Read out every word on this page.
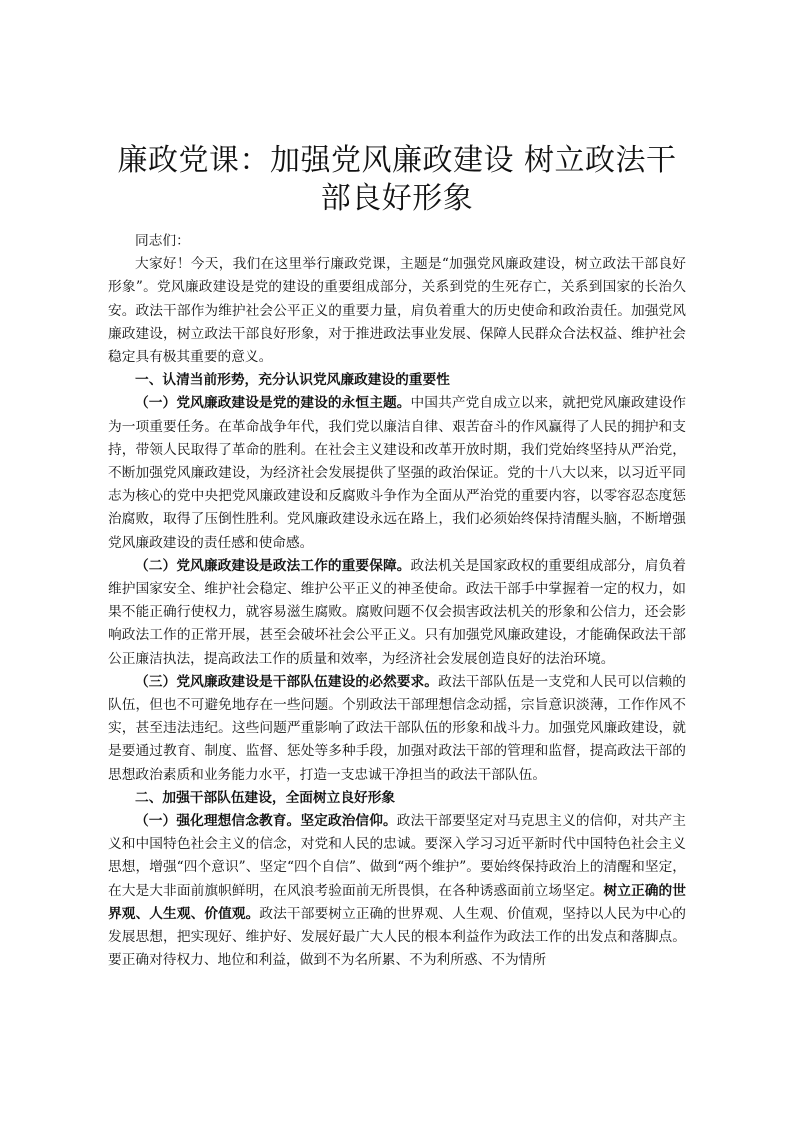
廉政党课：加强党风廉政建设 树立政法干部良好形象

同志们：

大家好！今天，我们在这里举行廉政党课，主题是“加强党风廉政建设，树立政法干部良好形象”。党风廉政建设是党的建设的重要组成部分，关系到党的生死存亡，关系到国家的长治久安。政法干部作为维护社会公平正义的重要力量，肩负着重大的历史使命和政治责任。加强党风廉政建设，树立政法干部良好形象，对于推进政法事业发展、保障人民群众合法权益、维护社会稳定具有极其重要的意义。

一、认清当前形势，充分认识党风廉政建设的重要性

（一）党风廉政建设是党的建设的永恒主题。中国共产党自成立以来，就把党风廉政建设作为一项重要任务。在革命战争年代，我们党以廉洁自律、艰苦奋斗的作风赢得了人民的拥护和支持，带领人民取得了革命的胜利。在社会主义建设和改革开放时期，我们党始终坚持从严治党，不断加强党风廉政建设，为经济社会发展提供了坚强的政治保证。党的十八大以来，以习近平同志为核心的党中央把党风廉政建设和反腐败斗争作为全面从严治党的重要内容，以零容忍态度惩治腐败，取得了压倒性胜利。党风廉政建设永远在路上，我们必须始终保持清醒头脑，不断增强党风廉政建设的责任感和使命感。

（二）党风廉政建设是政法工作的重要保障。政法机关是国家政权的重要组成部分，肩负着维护国家安全、维护社会稳定、维护公平正义的神圣使命。政法干部手中掌握着一定的权力，如果不能正确行使权力，就容易滋生腐败。腐败问题不仅会损害政法机关的形象和公信力，还会影响政法工作的正常开展，甚至会破坏社会公平正义。只有加强党风廉政建设，才能确保政法干部公正廉洁执法，提高政法工作的质量和效率，为经济社会发展创造良好的法治环境。

（三）党风廉政建设是干部队伍建设的必然要求。政法干部队伍是一支党和人民可以信赖的队伍，但也不可避免地存在一些问题。个别政法干部理想信念动摇，宗旨意识淡薄，工作作风不实，甚至违法违纪。这些问题严重影响了政法干部队伍的形象和战斗力。加强党风廉政建设，就是要通过教育、制度、监督、惩处等多种手段，加强对政法干部的管理和监督，提高政法干部的思想政治素质和业务能力水平，打造一支忠诚干净担当的政法干部队伍。

二、加强干部队伍建设，全面树立良好形象

（一）强化理想信念教育。坚定政治信仰。政法干部要坚定对马克思主义的信仰，对共产主义和中国特色社会主义的信念，对党和人民的忠诚。要深入学习习近平新时代中国特色社会主义思想，增强“四个意识”、坚定“四个自信”、做到“两个维护”。要始终保持政治上的清醒和坚定，在大是大非面前旗帜鲜明，在风浪考验面前无所畏惧，在各种诱惑面前立场坚定。树立正确的世界观、人生观、价值观。政法干部要树立正确的世界观、人生观、价值观，坚持以人民为中心的发展思想，把实现好、维护好、发展好最广大人民的根本利益作为政法工作的出发点和落脚点。要正确对待权力、地位和利益，做到不为名所累、不为利所惑、不为情所
